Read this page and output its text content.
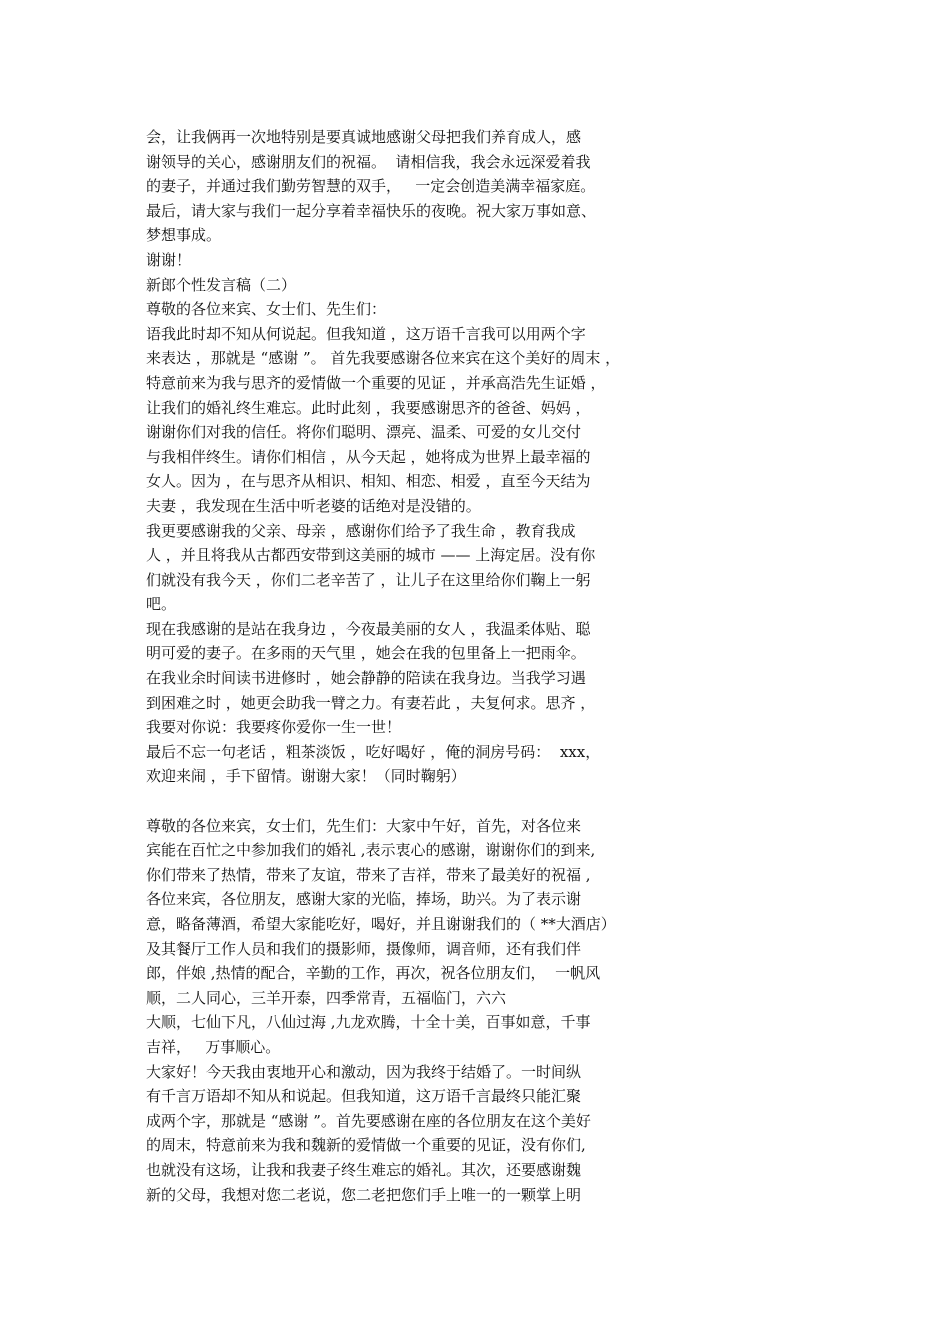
会，让我俩再一次地特别是要真诚地感谢父母把我们养育成人，感
谢领导的关心，感谢朋友们的祝福。  请相信我，我会永远深爱着我
的妻子，并通过我们勤劳智慧的双手，   一定会创造美满幸福家庭。
最后，请大家与我们一起分享着幸福快乐的夜晚。祝大家万事如意、
梦想事成。
谢谢！
新郎个性发言稿（二）
尊敬的各位来宾、女士们、先生们：
语我此时却不知从何说起。但我知道 ，这万语千言我可以用两个字
来表达 ，那就是 “感谢 ”。 首先我要感谢各位来宾在这个美好的周末 ，
特意前来为我与思齐的爱情做一个重要的见证 ，并承高浩先生证婚 ，
让我们的婚礼终生难忘。此时此刻 ，我要感谢思齐的爸爸、妈妈 ，
谢谢你们对我的信任。将你们聪明、漂亮、温柔、可爱的女儿交付
与我相伴终生。请你们相信 ，从今天起 ，她将成为世界上最幸福的
女人。因为 ，在与思齐从相识、相知、相恋、相爱 ，直至今天结为
夫妻 ，我发现在生活中听老婆的话绝对是没错的。
我更要感谢我的父亲、母亲 ，感谢你们给予了我生命 ，教育我成
人 ，并且将我从古都西安带到这美丽的城市 —— 上海定居。没有你
们就没有我今天 ，你们二老辛苦了 ，让儿子在这里给你们鞠上一躬
吧。
现在我感谢的是站在我身边 ，今夜最美丽的女人 ，我温柔体贴、聪
明可爱的妻子。在多雨的天气里 ，她会在我的包里备上一把雨伞。
在我业余时间读书进修时 ，她会静静的陪读在我身边。当我学习遇
到困难之时 ，她更会助我一臂之力。有妻若此 ，夫复何求。思齐 ，
我要对你说：我要疼你爱你一生一世！
最后不忘一句老话 ，粗茶淡饭 ，吃好喝好 ，俺的洞房号码：  xxx，
欢迎来闹 ，手下留情。谢谢大家！（同时鞠躬）
尊敬的各位来宾，女士们，先生们：大家中午好，首先，对各位来
宾能在百忙之中参加我们的婚礼 ,表示衷心的感谢，谢谢你们的到来,
你们带来了热情，带来了友谊，带来了吉祥，带来了最美好的祝福 ,
各位来宾，各位朋友，感谢大家的光临，捧场，助兴。为了表示谢
意，略备薄酒，希望大家能吃好，喝好，并且谢谢我们的（ **大酒店）
及其餐厅工作人员和我们的摄影师，摄像师，调音师，还有我们伴
郎，伴娘 ,热情的配合，辛勤的工作，再次，祝各位朋友们，  一帆风
顺，二人同心，三羊开泰，四季常青，五福临门，六六
大顺，七仙下凡，八仙过海 ,九龙欢腾，十全十美，百事如意，千事
吉祥，   万事顺心。
大家好！今天我由衷地开心和激动，因为我终于结婚了。一时间纵
有千言万语却不知从和说起。但我知道，这万语千言最终只能汇聚
成两个字，那就是 “感谢 ”。首先要感谢在座的各位朋友在这个美好
的周末，特意前来为我和魏新的爱情做一个重要的见证，没有你们,
也就没有这场，让我和我妻子终生难忘的婚礼。其次，还要感谢魏
新的父母，我想对您二老说，您二老把您们手上唯一的一颗掌上明
